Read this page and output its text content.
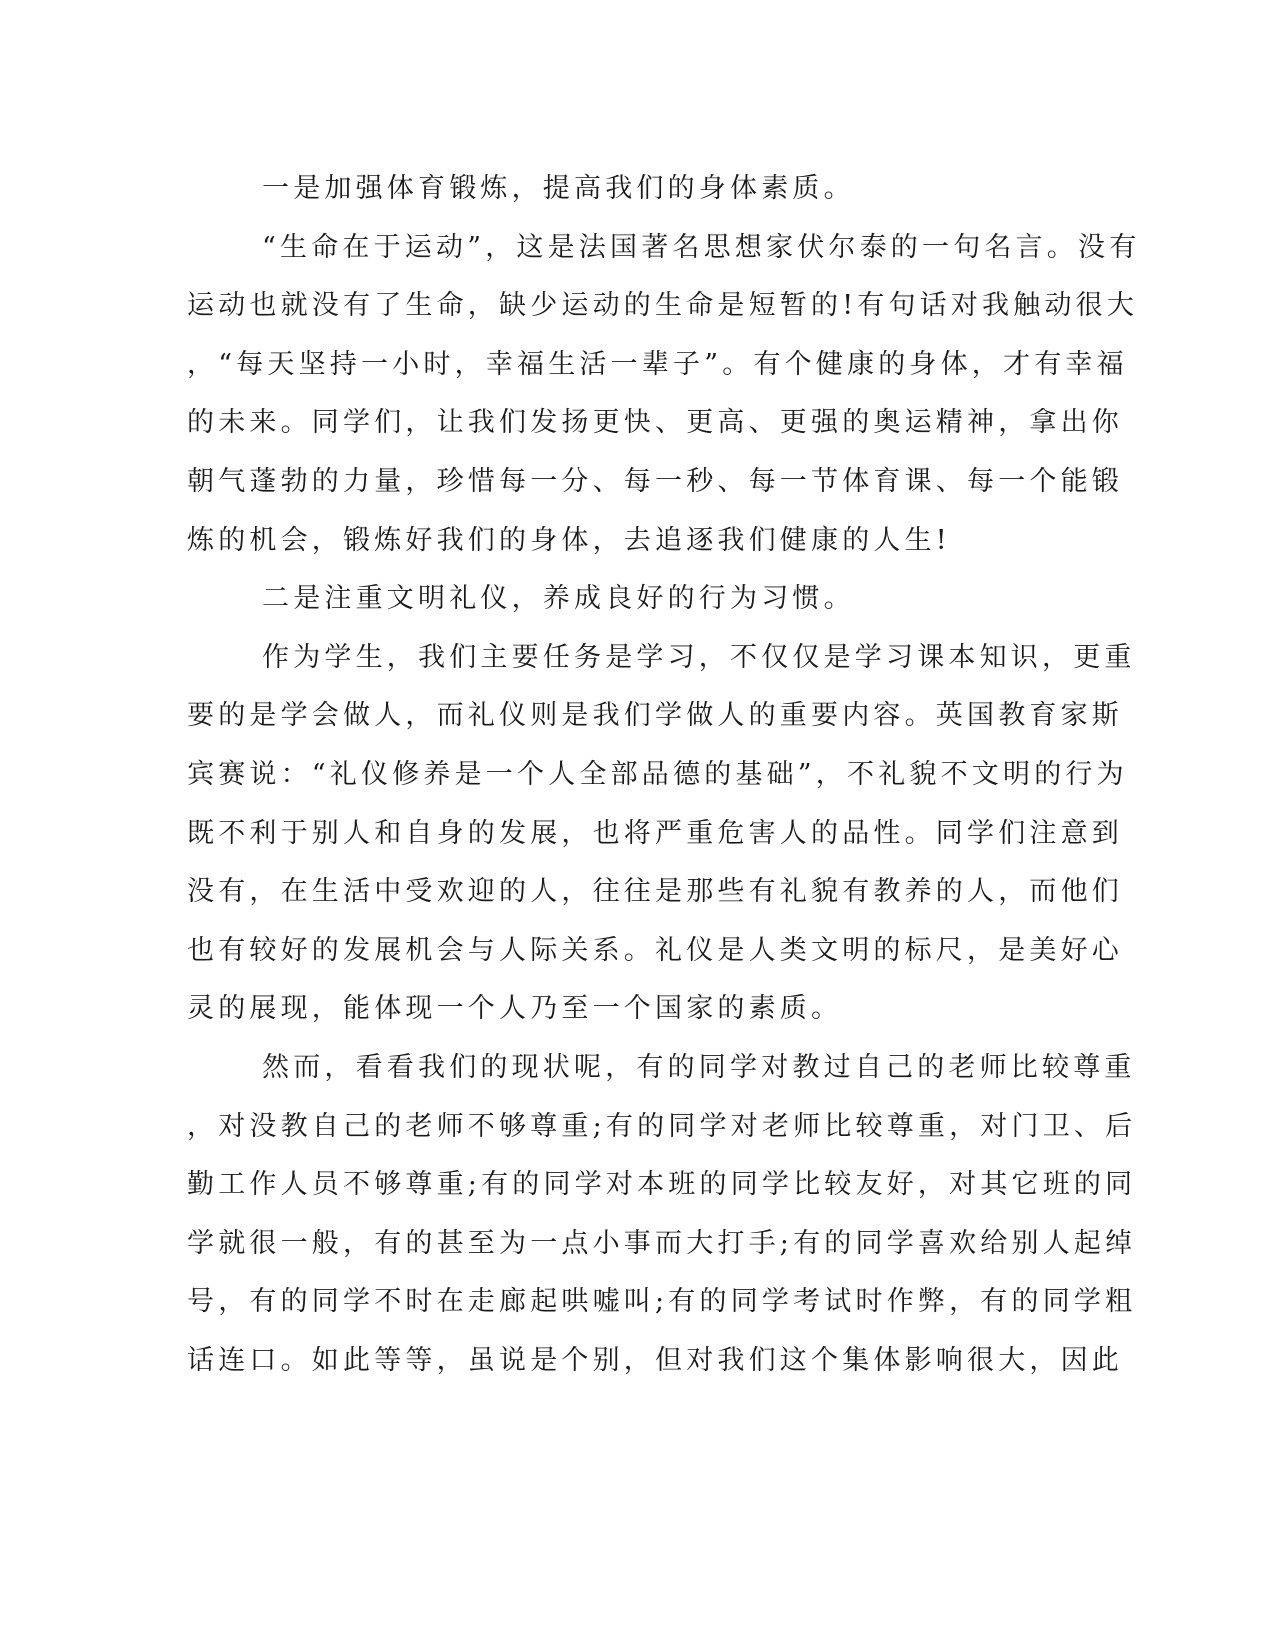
一是加强体育锻炼，提高我们的身体素质。
“生命在于运动”，这是法国著名思想家伏尔泰的一句名言。没有
运动也就没有了生命，缺少运动的生命是短暂的!有句话对我触动很大
，“每天坚持一小时，幸福生活一辈子”。有个健康的身体，才有幸福
的未来。同学们，让我们发扬更快、更高、更强的奥运精神，拿出你
朝气蓬勃的力量，珍惜每一分、每一秒、每一节体育课、每一个能锻
炼的机会，锻炼好我们的身体，去追逐我们健康的人生!
二是注重文明礼仪，养成良好的行为习惯。
作为学生，我们主要任务是学习，不仅仅是学习课本知识，更重
要的是学会做人，而礼仪则是我们学做人的重要内容。英国教育家斯
宾赛说：“礼仪修养是一个人全部品德的基础”，不礼貌不文明的行为
既不利于别人和自身的发展，也将严重危害人的品性。同学们注意到
没有，在生活中受欢迎的人，往往是那些有礼貌有教养的人，而他们
也有较好的发展机会与人际关系。礼仪是人类文明的标尺，是美好心
灵的展现，能体现一个人乃至一个国家的素质。
然而，看看我们的现状呢，有的同学对教过自己的老师比较尊重
，对没教自己的老师不够尊重;有的同学对老师比较尊重，对门卫、后
勤工作人员不够尊重;有的同学对本班的同学比较友好，对其它班的同
学就很一般，有的甚至为一点小事而大打手;有的同学喜欢给别人起绰
号，有的同学不时在走廊起哄嘘叫;有的同学考试时作弊，有的同学粗
话连口。如此等等，虽说是个别，但对我们这个集体影响很大，因此
